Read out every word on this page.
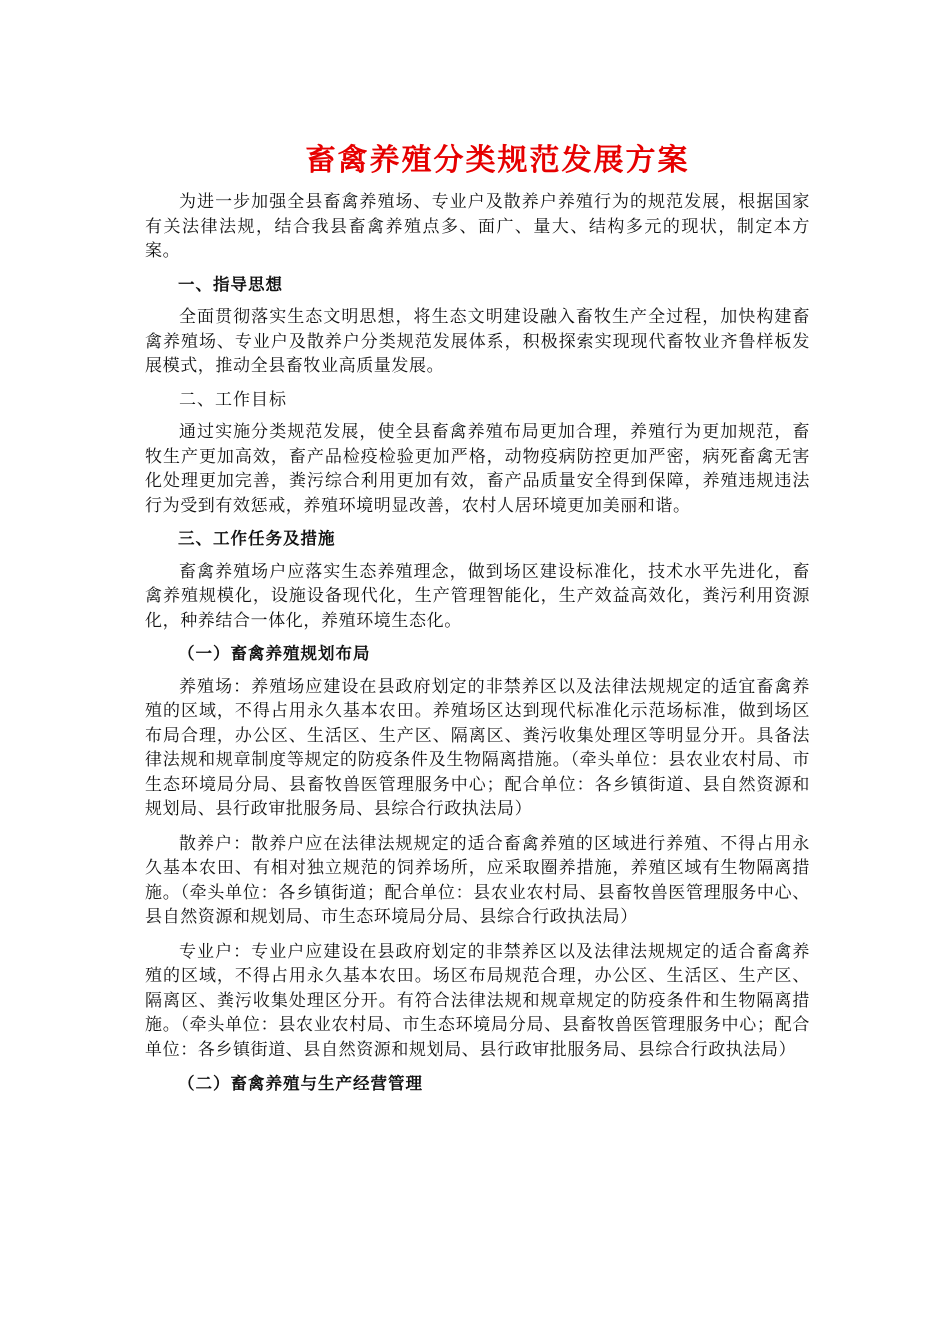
畜禽养殖分类规范发展方案

为进一步加强全县畜禽养殖场、专业户及散养户养殖行为的规范发展，根据国家有关法律法规，结合我县畜禽养殖点多、面广、量大、结构多元的现状，制定本方案。

一、指导思想

全面贯彻落实生态文明思想，将生态文明建设融入畜牧生产全过程，加快构建畜禽养殖场、专业户及散养户分类规范发展体系，积极探索实现现代畜牧业齐鲁样板发展模式，推动全县畜牧业高质量发展。

二、工作目标

通过实施分类规范发展，使全县畜禽养殖布局更加合理，养殖行为更加规范，畜牧生产更加高效，畜产品检疫检验更加严格，动物疫病防控更加严密，病死畜禽无害化处理更加完善，粪污综合利用更加有效，畜产品质量安全得到保障，养殖违规违法行为受到有效惩戒，养殖环境明显改善，农村人居环境更加美丽和谐。

三、工作任务及措施

畜禽养殖场户应落实生态养殖理念，做到场区建设标准化，技术水平先进化，畜禽养殖规模化，设施设备现代化，生产管理智能化，生产效益高效化，粪污利用资源化，种养结合一体化，养殖环境生态化。

（一）畜禽养殖规划布局

养殖场：养殖场应建设在县政府划定的非禁养区以及法律法规规定的适宜畜禽养殖的区域，不得占用永久基本农田。养殖场区达到现代标准化示范场标准，做到场区布局合理，办公区、生活区、生产区、隔离区、粪污收集处理区等明显分开。具备法律法规和规章制度等规定的防疫条件及生物隔离措施。（牵头单位：县农业农村局、市生态环境局分局、县畜牧兽医管理服务中心；配合单位：各乡镇街道、县自然资源和规划局、县行政审批服务局、县综合行政执法局）

散养户：散养户应在法律法规规定的适合畜禽养殖的区域进行养殖、不得占用永久基本农田、有相对独立规范的饲养场所，应采取圈养措施，养殖区域有生物隔离措施。（牵头单位：各乡镇街道；配合单位：县农业农村局、县畜牧兽医管理服务中心、县自然资源和规划局、市生态环境局分局、县综合行政执法局）

专业户：专业户应建设在县政府划定的非禁养区以及法律法规规定的适合畜禽养殖的区域，不得占用永久基本农田。场区布局规范合理，办公区、生活区、生产区、隔离区、粪污收集处理区分开。有符合法律法规和规章规定的防疫条件和生物隔离措施。（牵头单位：县农业农村局、市生态环境局分局、县畜牧兽医管理服务中心；配合单位：各乡镇街道、县自然资源和规划局、县行政审批服务局、县综合行政执法局）

（二）畜禽养殖与生产经营管理
